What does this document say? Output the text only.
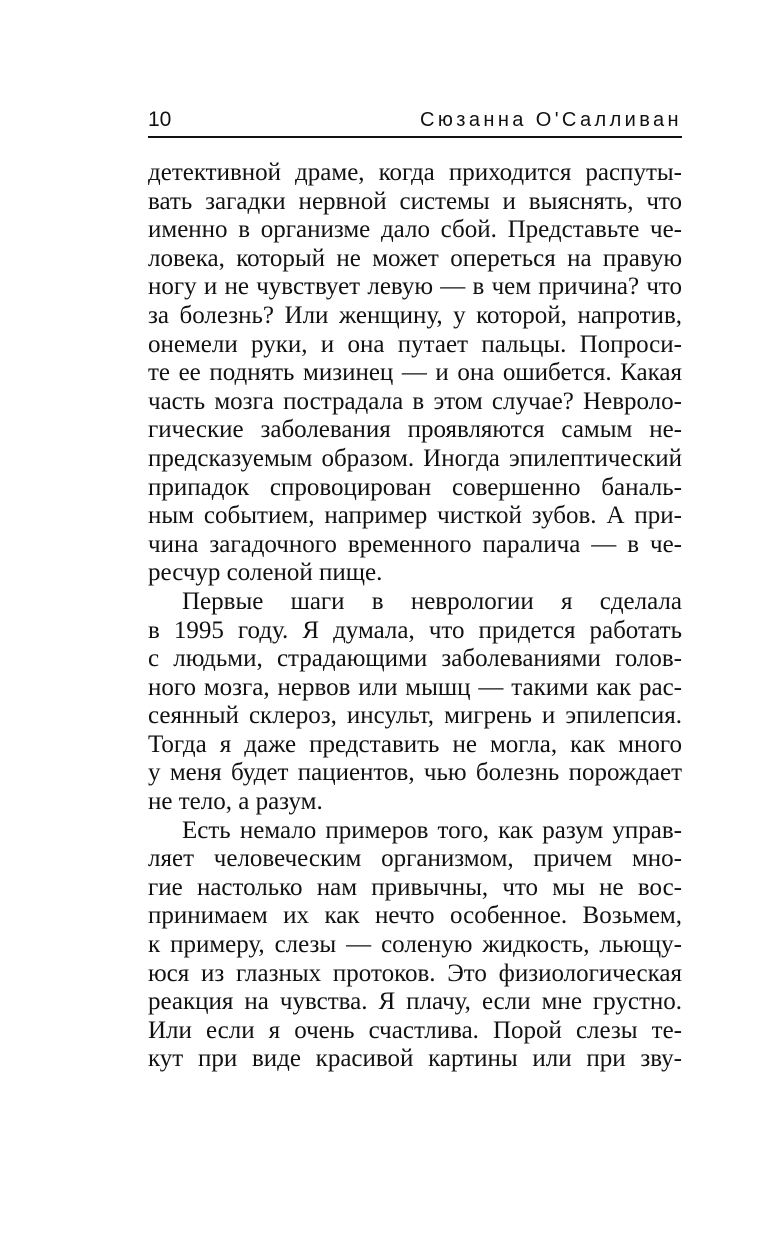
10	Сюзанна О'Салливан

детективной драме, когда приходится распуты-
вать загадки нервной системы и выяснять, что
именно в организме дало сбой. Представьте че-
ловека, который не может опереться на правую
ногу и не чувствует левую — в чем причина? что
за болезнь? Или женщину, у которой, напротив,
онемели руки, и она путает пальцы. Попроси-
те ее поднять мизинец — и она ошибется. Какая
часть мозга пострадала в этом случае? Невроло-
гические заболевания проявляются самым не-
предсказуемым образом. Иногда эпилептический
припадок спровоцирован совершенно баналь-
ным событием, например чисткой зубов. А при-
чина загадочного временного паралича — в че-
ресчур соленой пище.

Первые шаги в неврологии я сделала
в 1995 году. Я думала, что придется работать
с людьми, страдающими заболеваниями голов-
ного мозга, нервов или мышц — такими как рас-
сеянный склероз, инсульт, мигрень и эпилепсия.
Тогда я даже представить не могла, как много
у меня будет пациентов, чью болезнь порождает
не тело, а разум.

Есть немало примеров того, как разум управ-
ляет человеческим организмом, причем мно-
гие настолько нам привычны, что мы не вос-
принимаем их как нечто особенное. Возьмем,
к примеру, слезы — соленую жидкость, льющу-
юся из глазных протоков. Это физиологическая
реакция на чувства. Я плачу, если мне грустно.
Или если я очень счастлива. Порой слезы те-
кут при виде красивой картины или при зву-
